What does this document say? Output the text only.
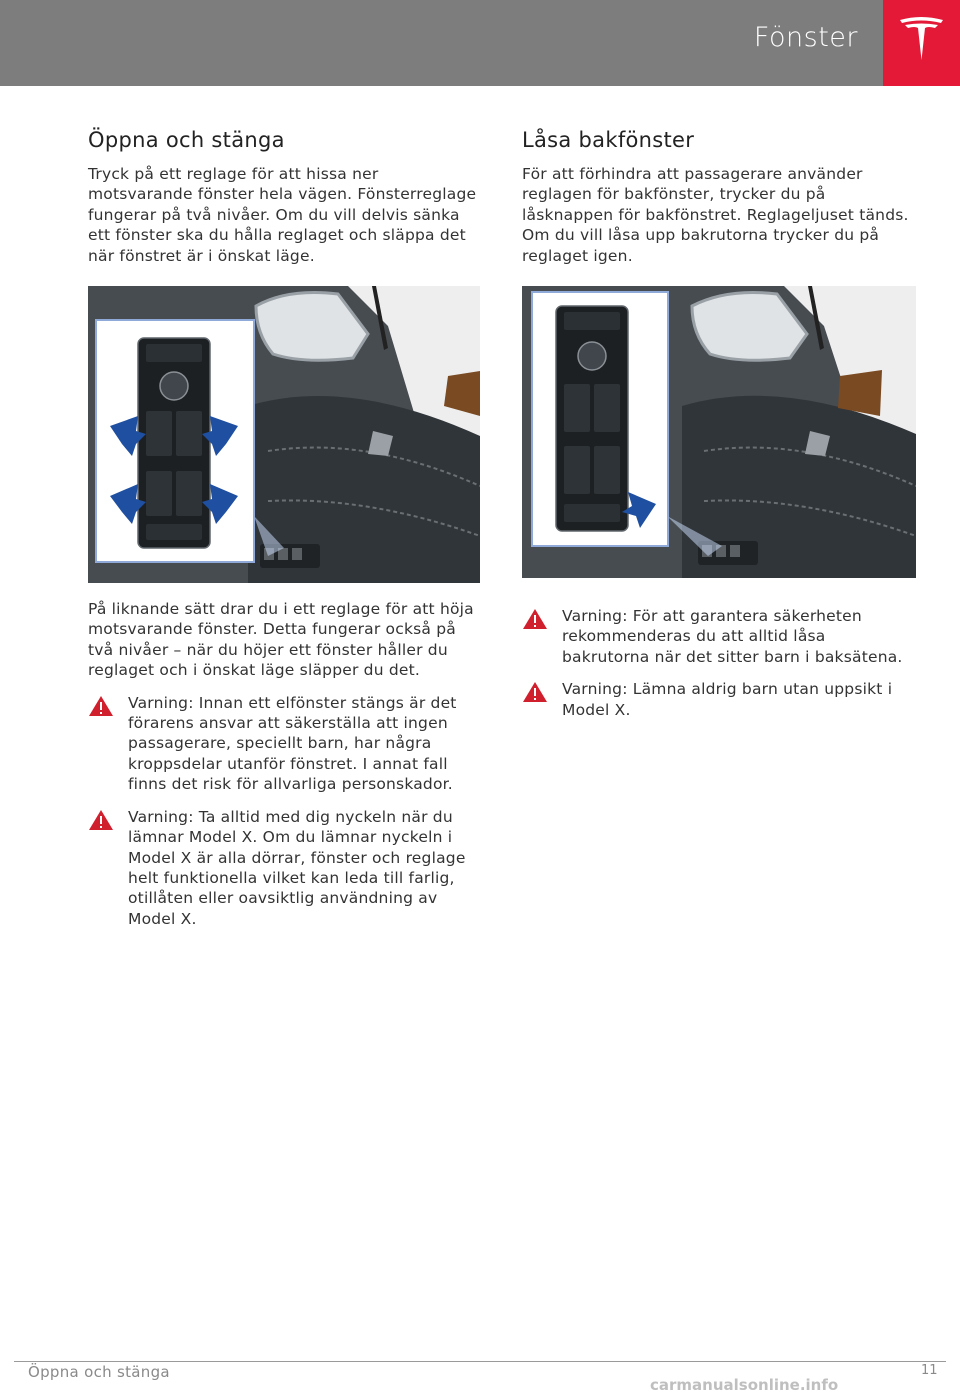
Fönster
Öppna och stänga

Tryck på ett reglage för att hissa ner motsvarande fönster hela vägen. Fönsterreglage fungerar på två nivåer. Om du vill delvis sänka ett fönster ska du hålla reglaget och släppa det när fönstret är i önskat läge.

På liknande sätt drar du i ett reglage för att höja motsvarande fönster. Detta fungerar också på två nivåer – när du höjer ett fönster håller du reglaget och i önskat läge släpper du det.

Varning: Innan ett elfönster stängs är det förarens ansvar att säkerställa att ingen passagerare, speciellt barn, har några kroppsdelar utanför fönstret. I annat fall finns det risk för allvarliga personskador.
Varning: Ta alltid med dig nyckeln när du lämnar Model X. Om du lämnar nyckeln i Model X är alla dörrar, fönster och reglage helt funktionella vilket kan leda till farlig, otillåten eller oavsiktlig användning av Model X.
Låsa bakfönster

För att förhindra att passagerare använder reglagen för bakfönster, trycker du på låsknappen för bakfönstret. Reglageljuset tänds. Om du vill låsa upp bakrutorna trycker du på reglaget igen.

Varning: För att garantera säkerheten rekommenderas du att alltid låsa bakrutorna när det sitter barn i baksätena.
Varning: Lämna aldrig barn utan uppsikt i Model X.
Öppna och stänga	11
carmanualsonline.info
